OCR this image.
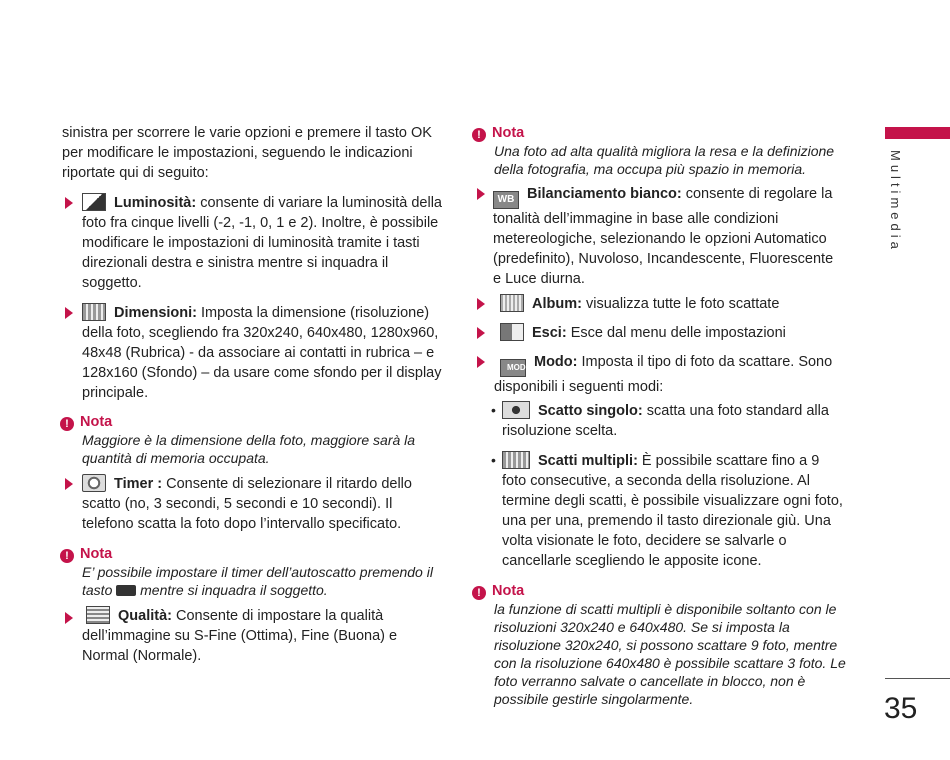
Multimedia
35

sinistra per scorrere le varie opzioni e premere il tasto OK per modificare le impostazioni, seguendo le indicazioni riportate qui di seguito:

Luminosità: consente di variare la luminosità della foto fra cinque livelli (-2, -1, 0, 1 e 2). Inoltre, è possibile modificare le impostazioni di luminosità tramite i tasti direzionali destra e sinistra mentre si inquadra il soggetto.

Dimensioni: Imposta la dimensione (risoluzione) della foto, scegliendo fra 320x240, 640x480, 1280x960, 48x48 (Rubrica) - da associare ai contatti in rubrica – e 128x160 (Sfondo) – da usare come sfondo per il display principale.

! Nota
Maggiore è la dimensione della foto, maggiore sarà la quantità di memoria occupata.

Timer : Consente di selezionare il ritardo dello scatto (no, 3 secondi, 5 secondi e 10 secondi). Il telefono scatta la foto dopo l’intervallo specificato.

! Nota
E’ possibile impostare il timer dell’autoscatto premendo il tasto  mentre si inquadra il soggetto.

Qualità: Consente di impostare la qualità dell’immagine su S-Fine (Ottima), Fine (Buona) e Normal (Normale).

! Nota
Una foto ad alta qualità migliora la resa e la definizione della fotografia, ma occupa più spazio in memoria.

WB Bilanciamento bianco: consente di regolare la tonalità dell’immagine in base alle condizioni metereologiche, selezionando le opzioni Automatico (predefinito), Nuvoloso, Incandescente, Fluorescente e Luce diurna.

Album: visualizza tutte le foto scattate

Esci: Esce dal menu delle impostazioni

MODE Modo: Imposta il tipo di foto da scattare. Sono disponibili i seguenti modi:

•	Scatto singolo: scatta una foto standard alla risoluzione scelta.

•	Scatti multipli: È possibile scattare fino a 9 foto consecutive, a seconda della risoluzione. Al termine degli scatti, è possibile visualizzare ogni foto, una per una, premendo il tasto direzionale giù. Una volta visionate le foto, decidere se salvarle o cancellarle scegliendo le apposite icone.

! Nota
la funzione di scatti multipli è disponibile soltanto con le risoluzioni 320x240 e 640x480. Se si imposta la risoluzione 320x240, si possono scattare 9 foto, mentre con la risoluzione 640x480 è possibile scattare 3 foto. Le foto verranno salvate o cancellate in blocco, non è possibile gestirle singolarmente.
